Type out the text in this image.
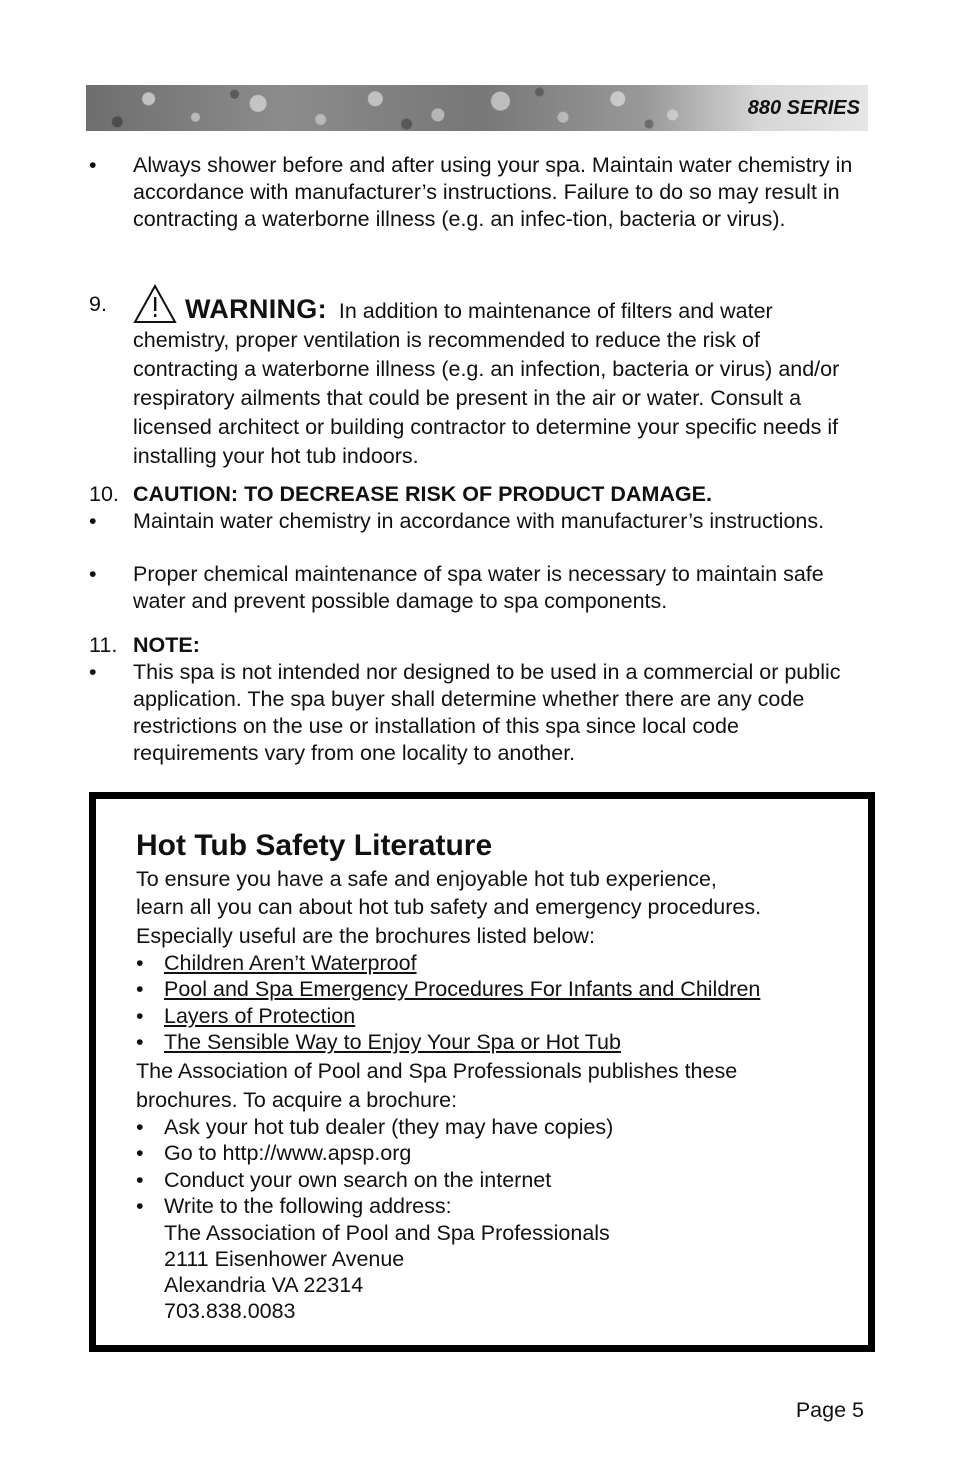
880 SERIES
• Always shower before and after using your spa. Maintain water chemistry in accordance with manufacturer’s instructions. Failure to do so may result in contracting a waterborne illness (e.g. an infec-tion, bacteria or virus).
9.	WARNING: In addition to maintenance of filters and water chemistry, proper ventilation is recommended to reduce the risk of contracting a waterborne illness (e.g. an infection, bacteria or virus) and/or respiratory ailments that could be present in the air or water. Consult a licensed architect or building contractor to determine your specific needs if installing your hot tub indoors.
10. CAUTION: TO DECREASE RISK OF PRODUCT DAMAGE.
• Maintain water chemistry in accordance with manufacturer’s instructions.
• Proper chemical maintenance of spa water is necessary to maintain safe water and prevent possible damage to spa components.
11. NOTE:
• This spa is not intended nor designed to be used in a commercial or public application. The spa buyer shall determine whether there are any code restrictions on the use or installation of this spa since local code requirements vary from one locality to another.
Hot Tub Safety Literature
To ensure you have a safe and enjoyable hot tub experience,
learn all you can about hot tub safety and emergency procedures.
Especially useful are the brochures listed below:
• Children Aren’t Waterproof
• Pool and Spa Emergency Procedures For Infants and Children
• Layers of Protection
• The Sensible Way to Enjoy Your Spa or Hot Tub
The Association of Pool and Spa Professionals publishes these
brochures. To acquire a brochure:
• Ask your hot tub dealer (they may have copies)
• Go to http://www.apsp.org
• Conduct your own search on the internet
• Write to the following address:
The Association of Pool and Spa Professionals
2111 Eisenhower Avenue
Alexandria VA 22314
703.838.0083
Page 5
